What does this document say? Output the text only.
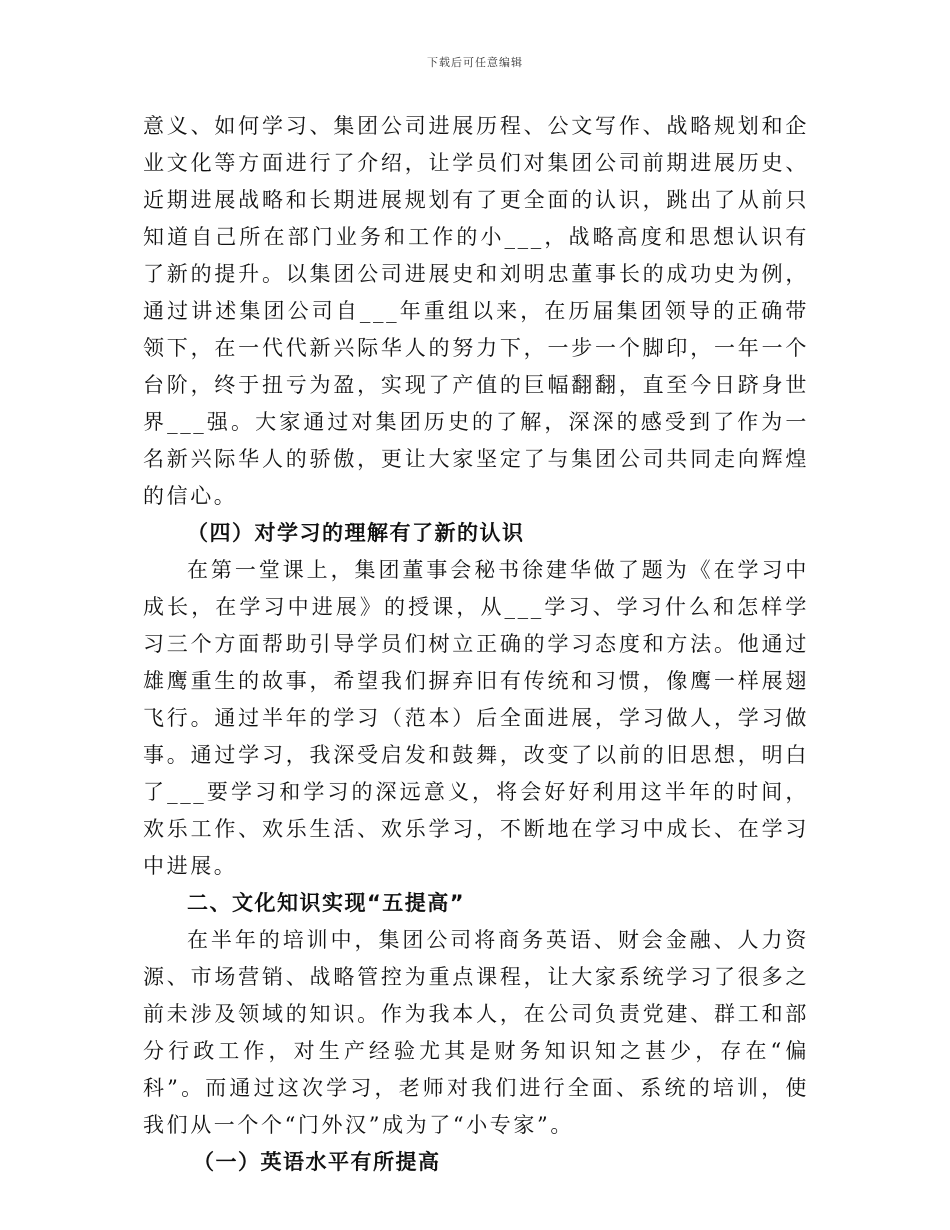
下载后可任意编辑

意义、如何学习、集团公司进展历程、公文写作、战略规划和企业文化等方面进行了介绍，让学员们对集团公司前期进展历史、近期进展战略和长期进展规划有了更全面的认识，跳出了从前只知道自己所在部门业务和工作的小___，战略高度和思想认识有了新的提升。以集团公司进展史和刘明忠董事长的成功史为例，通过讲述集团公司自___年重组以来，在历届集团领导的正确带领下，在一代代新兴际华人的努力下，一步一个脚印，一年一个台阶，终于扭亏为盈，实现了产值的巨幅翻翻，直至今日跻身世界___强。大家通过对集团历史的了解，深深的感受到了作为一名新兴际华人的骄傲，更让大家坚定了与集团公司共同走向辉煌的信心。

（四）对学习的理解有了新的认识

在第一堂课上，集团董事会秘书徐建华做了题为《在学习中成长，在学习中进展》的授课，从___学习、学习什么和怎样学习三个方面帮助引导学员们树立正确的学习态度和方法。他通过雄鹰重生的故事，希望我们摒弃旧有传统和习惯，像鹰一样展翅飞行。通过半年的学习（范本）后全面进展，学习做人，学习做事。通过学习，我深受启发和鼓舞，改变了以前的旧思想，明白了___要学习和学习的深远意义，将会好好利用这半年的时间，欢乐工作、欢乐生活、欢乐学习，不断地在学习中成长、在学习中进展。

二、文化知识实现“五提高”

在半年的培训中，集团公司将商务英语、财会金融、人力资源、市场营销、战略管控为重点课程，让大家系统学习了很多之前未涉及领域的知识。作为我本人，在公司负责党建、群工和部分行政工作，对生产经验尤其是财务知识知之甚少，存在“偏科”。而通过这次学习，老师对我们进行全面、系统的培训，使我们从一个个“门外汉”成为了“小专家”。

（一）英语水平有所提高
